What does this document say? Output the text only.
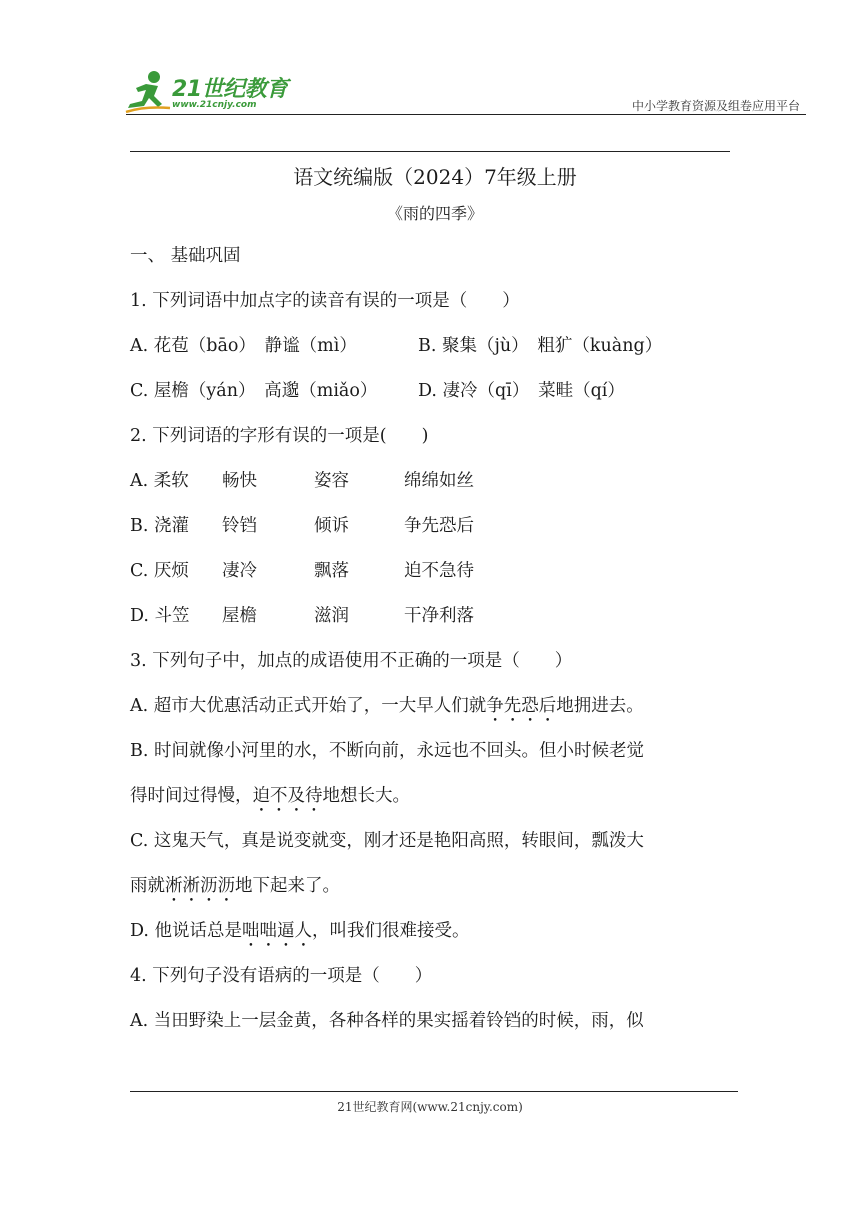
21世纪教育
www.21cnjy.com	中小学教育资源及组卷应用平台
语文统编版（2024）7年级上册
《雨的四季》
一、 基础巩固
1. 下列词语中加点字的读音有误的一项是（　　）
A. 花苞（bāo）　静谧（mì）	B. 聚集（jù）　粗犷（kuàng）
C. 屋檐（yán）　高邈（miǎo） D. 凄冷（qī）　菜畦（qí）
2. 下列词语的字形有误的一项是(　　)
A. 柔软 畅快	姿容	绵绵如丝
B. 浇灌 铃铛	倾诉	争先恐后
C. 厌烦 凄冷	飘落	迫不急待
D. 斗笠 屋檐	滋润	干净利落
3. 下列句子中，加点的成语使用不正确的一项是（　　）
A. 超市大优惠活动正式开始了，一大早人们就争先恐后地拥进去。
B. 时间就像小河里的水，不断向前，永远也不回头。但小时候老觉
得时间过得慢，迫不及待地想长大。
C. 这鬼天气，真是说变就变，刚才还是艳阳高照，转眼间，瓢泼大
雨就淅淅沥沥地下起来了。
D. 他说话总是咄咄逼人，叫我们很难接受。
4. 下列句子没有语病的一项是（　　）
A. 当田野染上一层金黄，各种各样的果实摇着铃铛的时候，雨，似
21世纪教育网(www.21cnjy.com)
